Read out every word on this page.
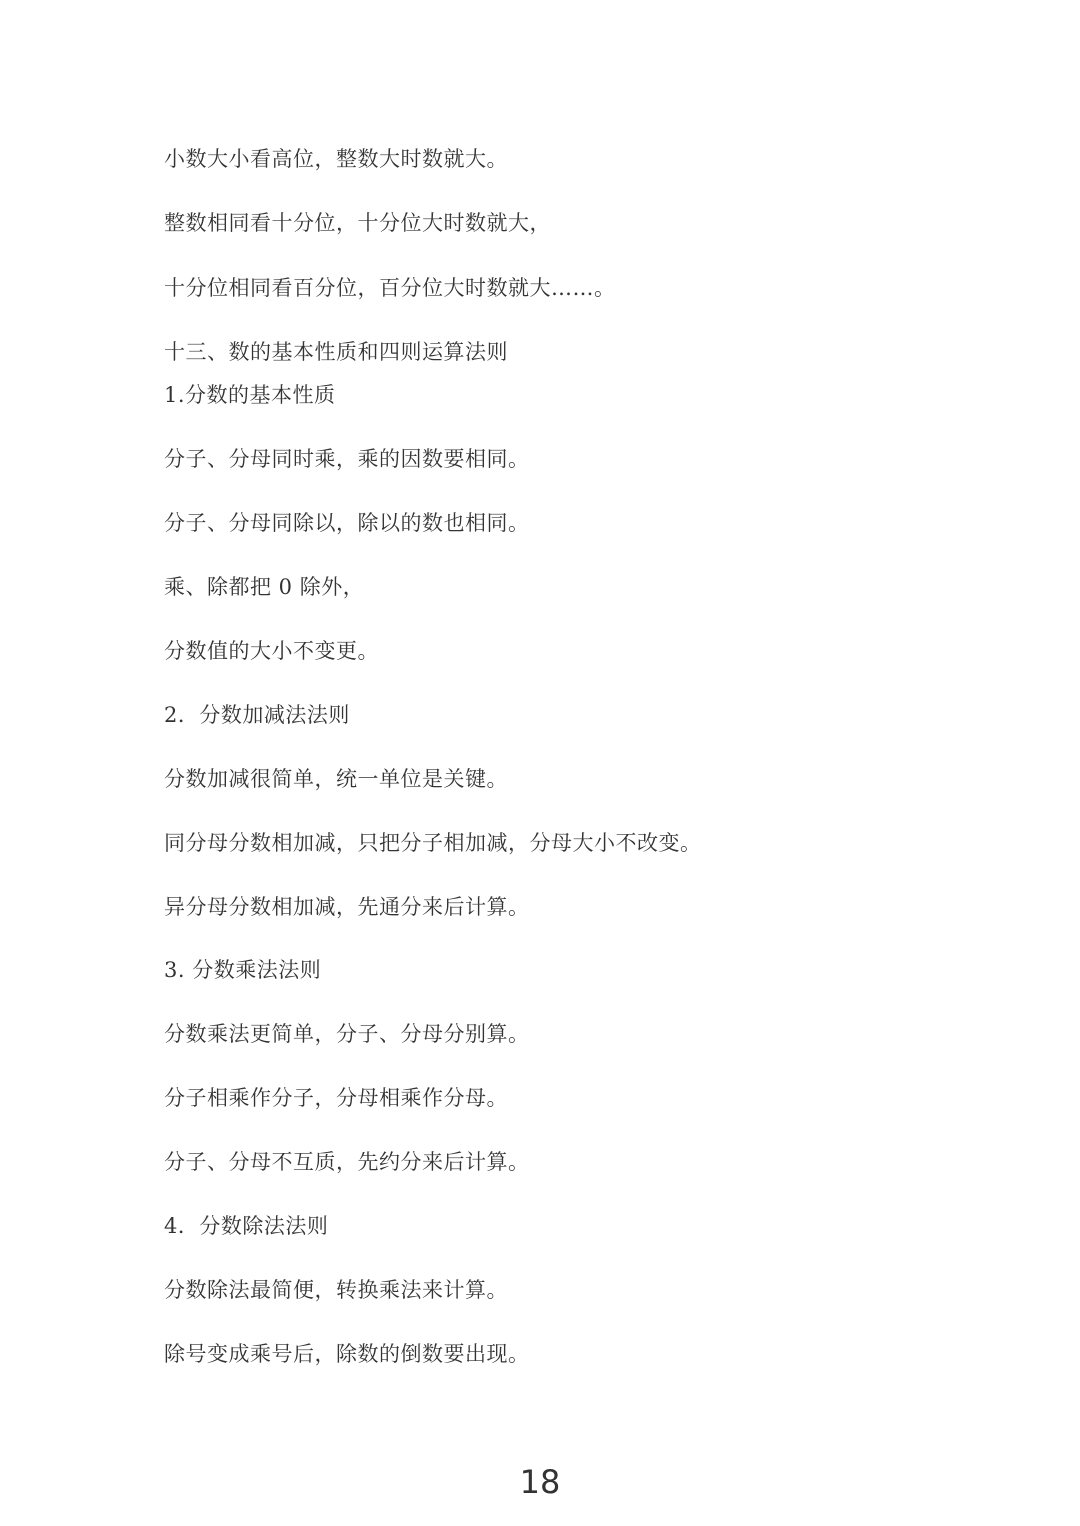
小数大小看高位，整数大时数就大。
整数相同看十分位，十分位大时数就大，
十分位相同看百分位，百分位大时数就大……。
十三、数的基本性质和四则运算法则
1.分数的基本性质
分子、分母同时乘，乘的因数要相同。
分子、分母同除以，除以的数也相同。
乘、除都把 0 除外，
分数值的大小不变更。
2．分数加减法法则
分数加减很简单，统一单位是关键。
同分母分数相加减，只把分子相加减，分母大小不改变。
异分母分数相加减，先通分来后计算。
3. 分数乘法法则
分数乘法更简单，分子、分母分别算。
分子相乘作分子，分母相乘作分母。
分子、分母不互质，先约分来后计算。
4．分数除法法则
分数除法最简便，转换乘法来计算。
除号变成乘号后，除数的倒数要出现。
18
